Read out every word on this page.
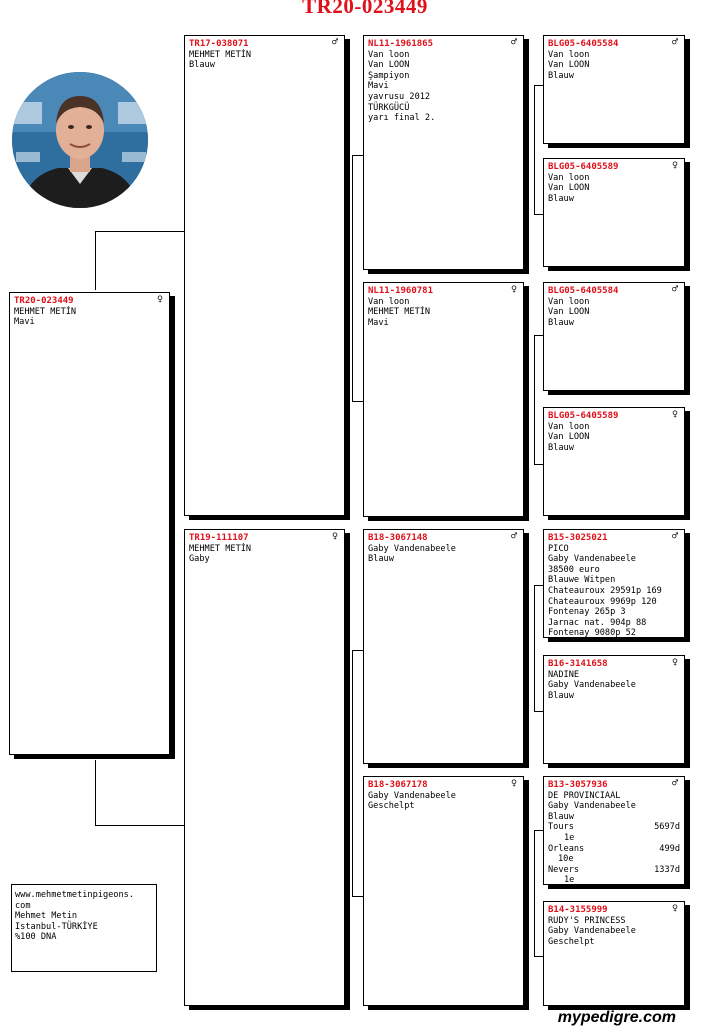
TR20-023449
TR20-023449	♀
MEHMET METİN
Mavi
TR17-038071	♂
MEHMET METİN
Blauw
TR19-111107	♀
MEHMET METİN
Gaby
NL11-1961865	♂
Van loon
Van LOON
Şampiyon
Mavi
yavrusu 2012
TÜRKGÜCÜ
yarı final 2.
NL11-1960781	♀
Van loon
MEHMET METİN
Mavi
B18-3067148	♂
Gaby Vandenabeele
Blauw
B18-3067178	♀
Gaby Vandenabeele
Geschelpt
BLG05-6405584	♂
Van loon
Van LOON
Blauw
BLG05-6405589	♀
Van loon
Van LOON
Blauw
BLG05-6405584	♂
Van loon
Van LOON
Blauw
BLG05-6405589	♀
Van loon
Van LOON
Blauw
B15-3025021	♂
PICO
Gaby Vandenabeele
38500 euro
Blauwe Witpen
Chateauroux 29591p 169
Chateauroux 9969p 120
Fontenay 265p 3
Jarnac nat. 904p 88
Fontenay 9080p 52
B16-3141658	♀
NADINE
Gaby Vandenabeele
Blauw
B13-3057936	♂
DE PROVINCIAAL
Gaby Vandenabeele
Blauw
Tours	5697d
1e
Orleans	499d
10e
Nevers	1337d
1e
B14-3155999	♀
RUDY'S PRINCESS
Gaby Vandenabeele
Geschelpt
www.mehmetmetinpigeons.
com
Mehmet Metin
Istanbul-TÜRKİYE
%100 DNA
mypedigre.com
